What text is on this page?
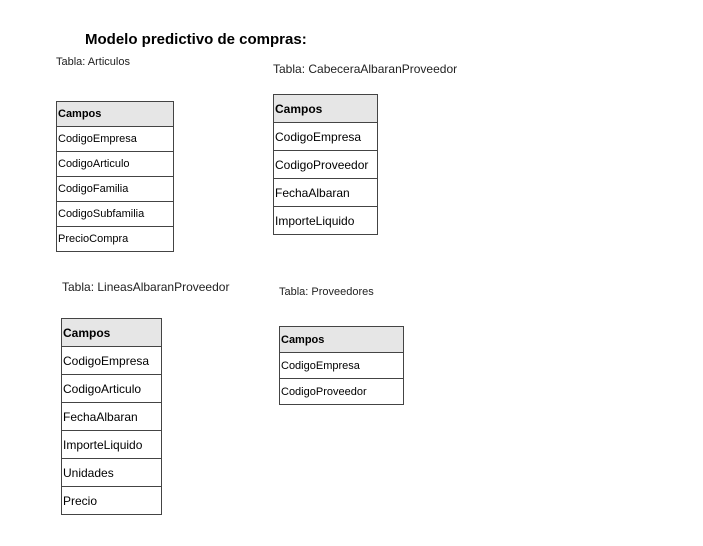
Modelo predictivo de compras:
Tabla: Articulos
Campos
CodigoEmpresa
CodigoArticulo
CodigoFamilia
CodigoSubfamilia
PrecioCompra
Tabla: CabeceraAlbaranProveedor
Campos
CodigoEmpresa
CodigoProveedor
FechaAlbaran
ImporteLiquido
Tabla: LineasAlbaranProveedor
Campos
CodigoEmpresa
CodigoArticulo
FechaAlbaran
ImporteLiquido
Unidades
Precio
Tabla: Proveedores
Campos
CodigoEmpresa
CodigoProveedor
